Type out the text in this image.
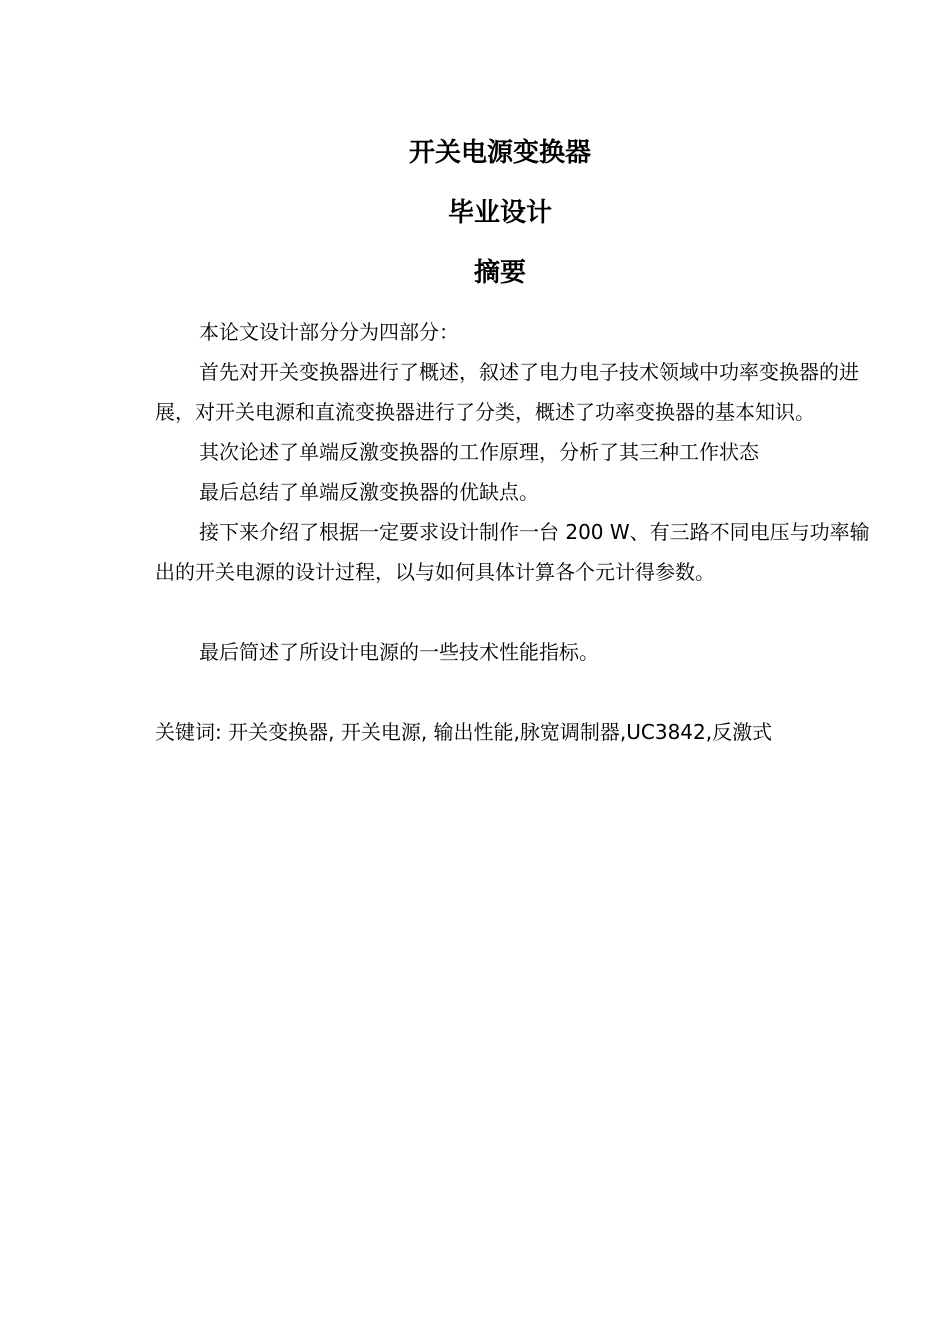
开关电源变换器
毕业设计
摘要

本论文设计部分分为四部分：

首先对开关变换器进行了概述，叙述了电力电子技术领域中功率变换器的进展，对开关电源和直流变换器进行了分类，概述了功率变换器的基本知识。

其次论述了单端反激变换器的工作原理，分析了其三种工作状态

最后总结了单端反激变换器的优缺点。

接下来介绍了根据一定要求设计制作一台 200 W、有三路不同电压与功率输出的开关电源的设计过程，以与如何具体计算各个元计得参数。

最后简述了所设计电源的一些技术性能指标。

关键词: 开关变换器, 开关电源, 输出性能,脉宽调制器,UC3842,反激式
